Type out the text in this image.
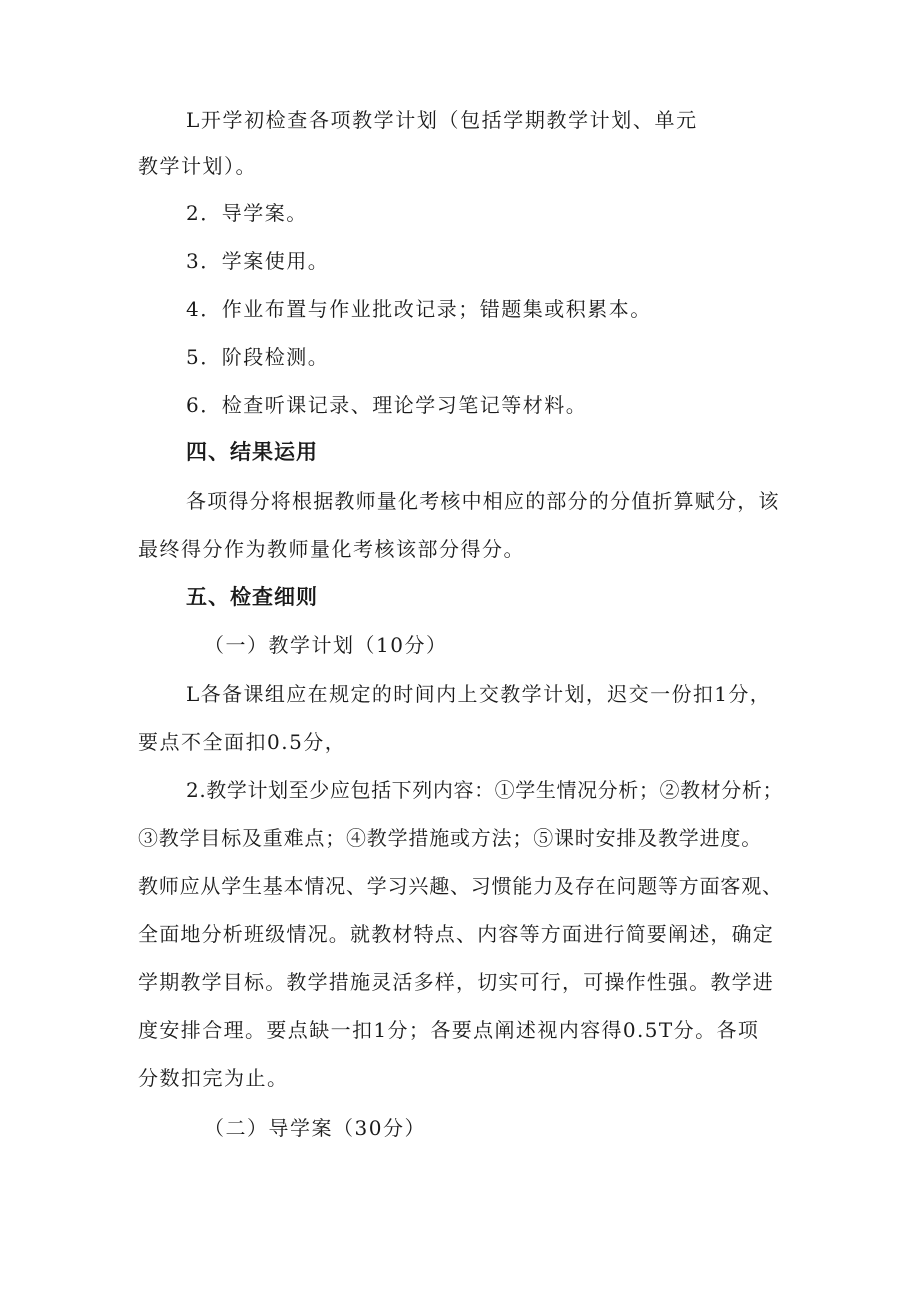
L开学初检查各项教学计划（包括学期教学计划、单元
教学计划）。
2．导学案。
3．学案使用。
4．作业布置与作业批改记录；错题集或积累本。
5．阶段检测。
6．检查听课记录、理论学习笔记等材料。
四、结果运用
各项得分将根据教师量化考核中相应的部分的分值折算赋分，该
最终得分作为教师量化考核该部分得分。
五、检查细则
（一）教学计划（10分）
L各备课组应在规定的时间内上交教学计划，迟交一份扣1分，
要点不全面扣0.5分，
2.教学计划至少应包括下列内容：①学生情况分析；②教材分析；
③教学目标及重难点；④教学措施或方法；⑤课时安排及教学进度。
教师应从学生基本情况、学习兴趣、习惯能力及存在问题等方面客观、
全面地分析班级情况。就教材特点、内容等方面进行简要阐述，确定
学期教学目标。教学措施灵活多样，切实可行，可操作性强。教学进
度安排合理。要点缺一扣1分；各要点阐述视内容得0.5T分。各项
分数扣完为止。
（二）导学案（30分）
